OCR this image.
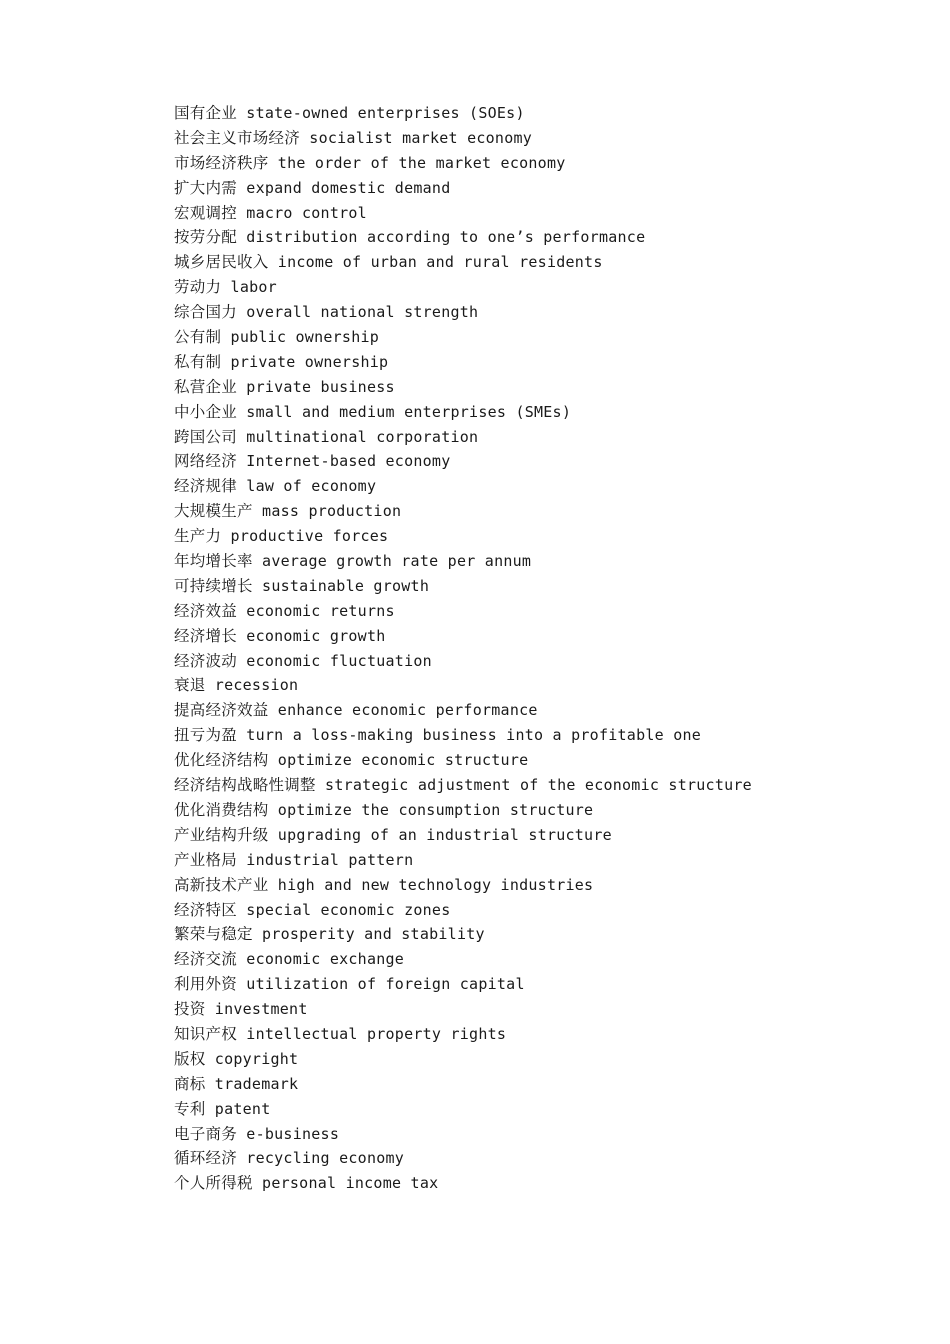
国有企业 state-owned enterprises (SOEs)
社会主义市场经济 socialist market economy
市场经济秩序 the order of the market economy
扩大内需 expand domestic demand
宏观调控 macro control
按劳分配 distribution according to one’s performance
城乡居民收入 income of urban and rural residents
劳动力 labor
综合国力 overall national strength
公有制 public ownership
私有制 private ownership
私营企业 private business
中小企业 small and medium enterprises (SMEs)
跨国公司 multinational corporation
网络经济 Internet-based economy
经济规律 law of economy
大规模生产 mass production
生产力 productive forces
年均增长率 average growth rate per annum
可持续增长 sustainable growth
经济效益 economic returns
经济增长 economic growth
经济波动 economic fluctuation
衰退 recession
提高经济效益 enhance economic performance
扭亏为盈 turn a loss-making business into a profitable one
优化经济结构 optimize economic structure
经济结构战略性调整 strategic adjustment of the economic structure
优化消费结构 optimize the consumption structure
产业结构升级 upgrading of an industrial structure
产业格局 industrial pattern
高新技术产业 high and new technology industries
经济特区 special economic zones
繁荣与稳定 prosperity and stability
经济交流 economic exchange
利用外资 utilization of foreign capital
投资 investment
知识产权 intellectual property rights
版权 copyright
商标 trademark
专利 patent
电子商务 e-business
循环经济 recycling economy
个人所得税 personal income tax
